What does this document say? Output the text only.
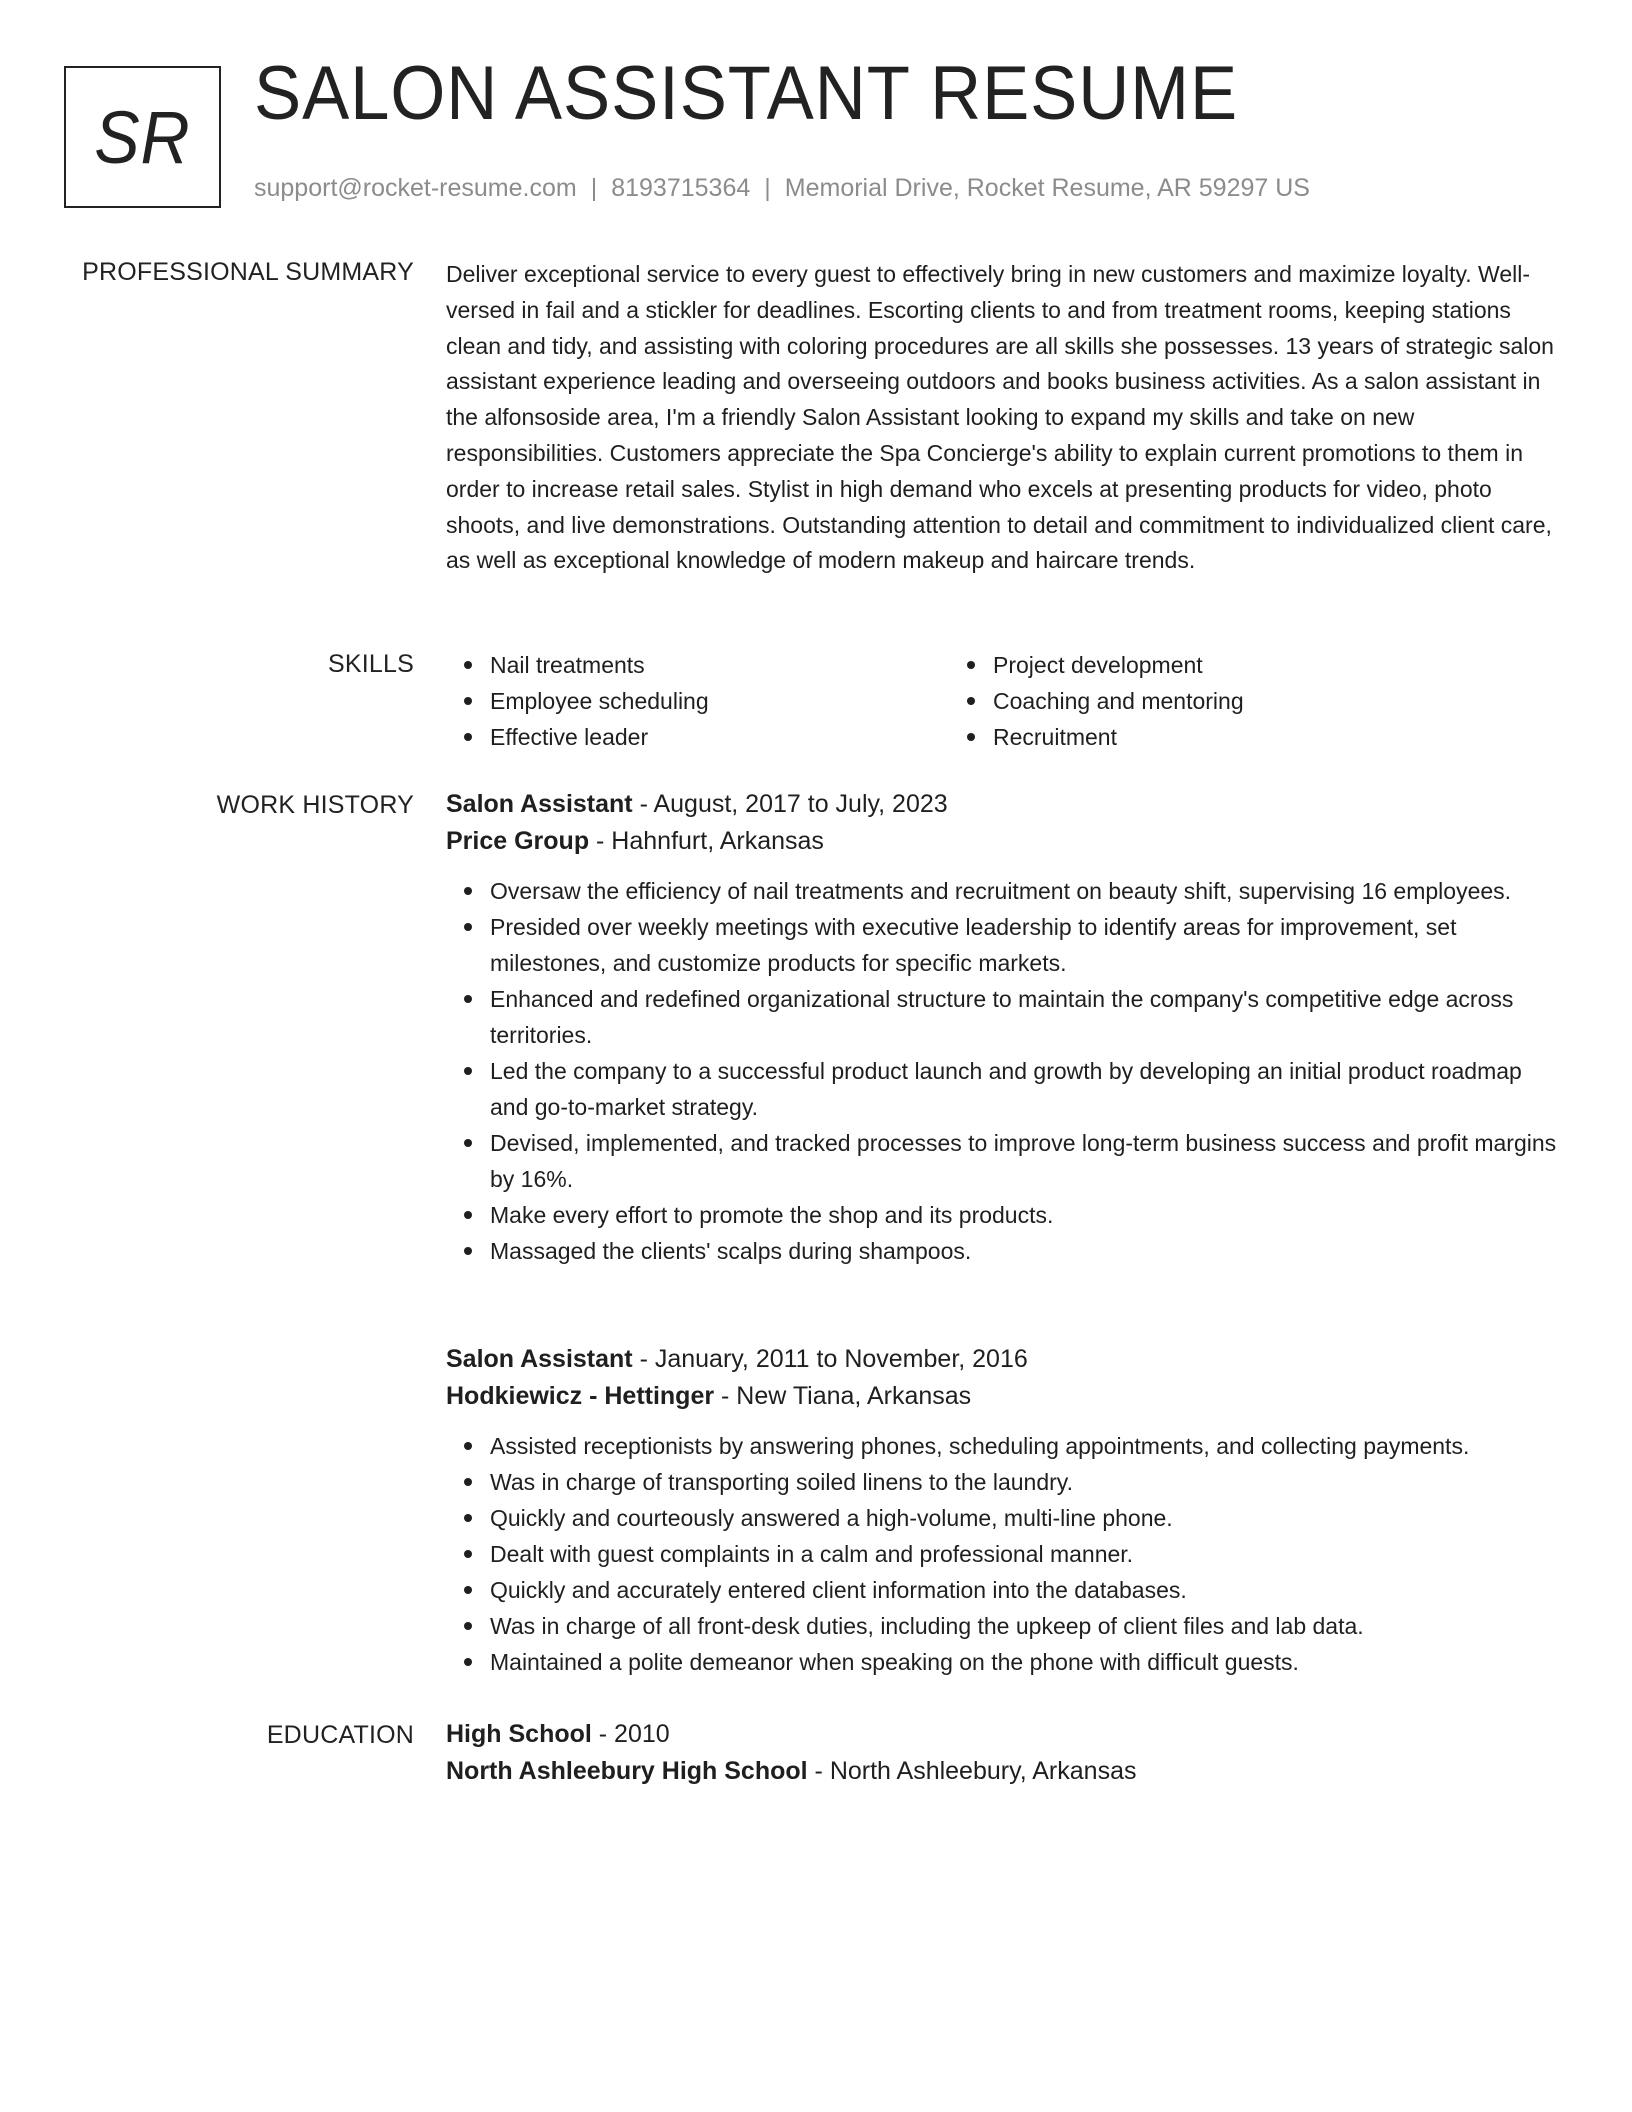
SR
SALON ASSISTANT RESUME
support@rocket-resume.com | 8193715364 | Memorial Drive, Rocket Resume, AR 59297 US
PROFESSIONAL SUMMARY Deliver exceptional service to every guest to effectively bring in new customers and maximize loyalty. Well-versed in fail and a stickler for deadlines. Escorting clients to and from treatment rooms, keeping stations clean and tidy, and assisting with coloring procedures are all skills she possesses. 13 years of strategic salon assistant experience leading and overseeing outdoors and books business activities. As a salon assistant in the alfonsoside area, I'm a friendly Salon Assistant looking to expand my skills and take on new responsibilities. Customers appreciate the Spa Concierge's ability to explain current promotions to them in order to increase retail sales. Stylist in high demand who excels at presenting products for video, photo shoots, and live demonstrations. Outstanding attention to detail and commitment to individualized client care, as well as exceptional knowledge of modern makeup and haircare trends.
SKILLS	Nail treatments
Employee scheduling
Effective leader
Project development
Coaching and mentoring
Recruitment
WORK HISTORY Salon Assistant - August, 2017 to July, 2023
Price Group - Hahnfurt, Arkansas
Oversaw the efficiency of nail treatments and recruitment on beauty shift, supervising 16 employees.
Presided over weekly meetings with executive leadership to identify areas for improvement, set milestones, and customize products for specific markets.
Enhanced and redefined organizational structure to maintain the company's competitive edge across territories.
Led the company to a successful product launch and growth by developing an initial product roadmap and go-to-market strategy.
Devised, implemented, and tracked processes to improve long-term business success and profit margins by 16%.
Make every effort to promote the shop and its products.
Massaged the clients' scalps during shampoos.
Salon Assistant - January, 2011 to November, 2016
Hodkiewicz - Hettinger - New Tiana, Arkansas
Assisted receptionists by answering phones, scheduling appointments, and collecting payments.
Was in charge of transporting soiled linens to the laundry.
Quickly and courteously answered a high-volume, multi-line phone.
Dealt with guest complaints in a calm and professional manner.
Quickly and accurately entered client information into the databases.
Was in charge of all front-desk duties, including the upkeep of client files and lab data.
Maintained a polite demeanor when speaking on the phone with difficult guests.
EDUCATION High School - 2010
North Ashleebury High School - North Ashleebury, Arkansas
